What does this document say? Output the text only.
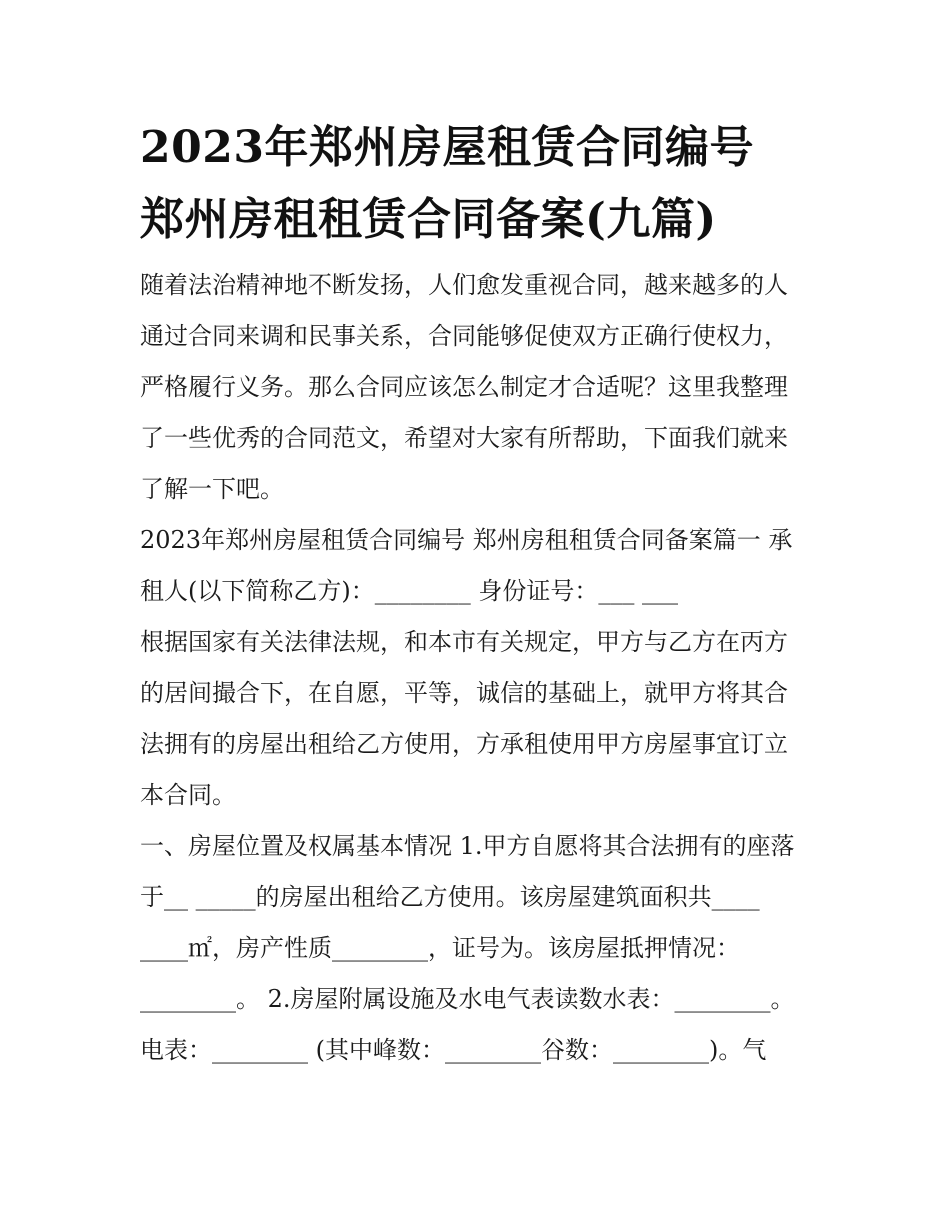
2023年郑州房屋租赁合同编号
郑州房租租赁合同备案(九篇)

随着法治精神地不断发扬，人们愈发重视合同，越来越多的人
通过合同来调和民事关系，合同能够促使双方正确行使权力，
严格履行义务。那么合同应该怎么制定才合适呢？这里我整理
了一些优秀的合同范文，希望对大家有所帮助，下面我们就来
了解一下吧。

2023年郑州房屋租赁合同编号 郑州房租租赁合同备案篇一 承
租人(以下简称乙方)：________ 身份证号：___ ___

根据国家有关法律法规，和本市有关规定，甲方与乙方在丙方
的居间撮合下，在自愿，平等，诚信的基础上，就甲方将其合
法拥有的房屋出租给乙方使用，方承租使用甲方房屋事宜订立
本合同。

一、房屋位置及权属基本情况 1.甲方自愿将其合法拥有的座落
于__ _____的房屋出租给乙方使用。该房屋建筑面积共____
____㎡，房产性质________，证号为。该房屋抵押情况：
________。 2.房屋附属设施及水电气表读数水表：________。
电表：________ (其中峰数：________谷数：________)。气
